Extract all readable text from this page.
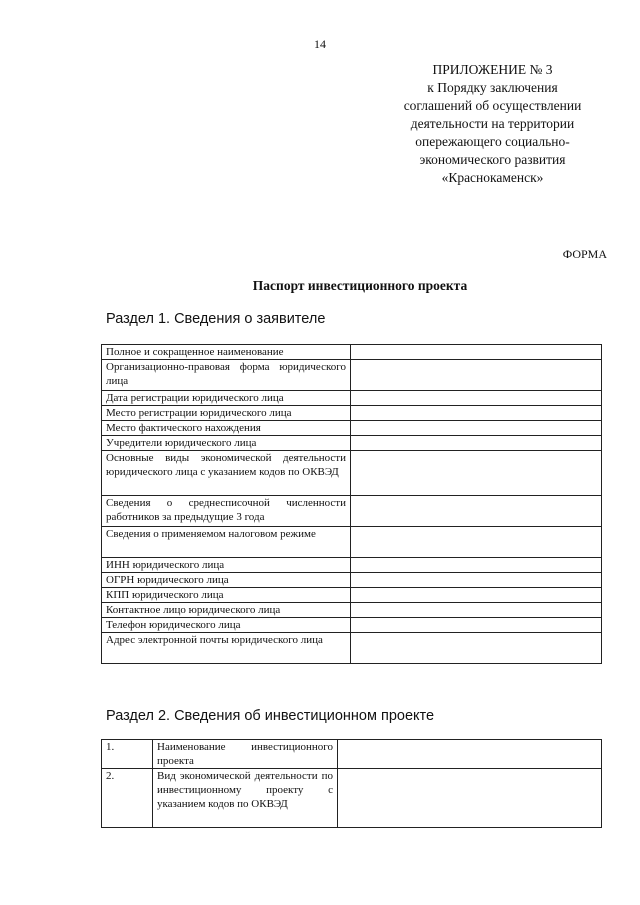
14
ПРИЛОЖЕНИЕ № 3
к Порядку заключения
соглашений об осуществлении
деятельности на территории
опережающего социально-
экономического развития
«Краснокаменск»
ФОРМА
Паспорт инвестиционного проекта
Раздел 1. Сведения о заявителе
Полное и сокращенное наименование	
Организационно-правовая форма юридического лица	
Дата регистрации юридического лица	
Место регистрации юридического лица	
Место фактического нахождения	
Учредители юридического лица	
Основные виды экономической деятельности юридического лица с указанием кодов по ОКВЭД	
Сведения о среднесписочной численности работников за предыдущие 3 года	
Сведения о применяемом налоговом режиме	
ИНН юридического лица	
ОГРН юридического лица	
КПП юридического лица	
Контактное лицо юридического лица	
Телефон юридического лица	
Адрес электронной почты юридического лица	
Раздел 2. Сведения об инвестиционном проекте
1.	Наименование инвестиционного проекта	
2.	Вид экономической деятельности по инвестиционному проекту с указанием кодов по ОКВЭД	
